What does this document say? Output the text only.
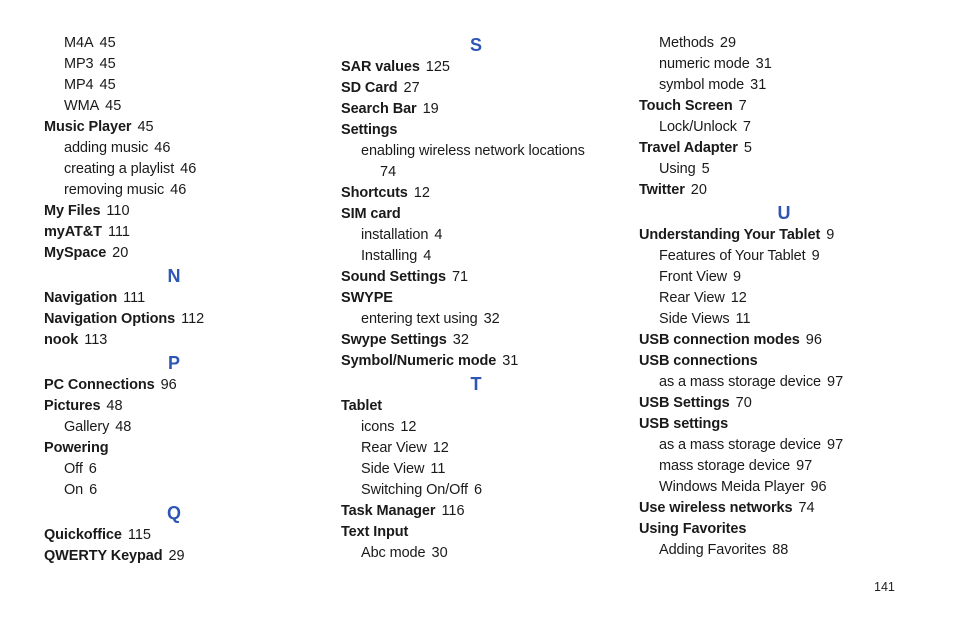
M4A 45
MP3 45
MP4 45
WMA 45
Music Player 45
adding music 46
creating a playlist 46
removing music 46
My Files 110
myAT&T 111
MySpace 20
N
Navigation 111
Navigation Options 112
nook 113
P
PC Connections 96
Pictures 48
Gallery 48
Powering
Off 6
On 6
Q
Quickoffice 115
QWERTY Keypad 29
S
SAR values 125
SD Card 27
Search Bar 19
Settings
enabling wireless network locations
74
Shortcuts 12
SIM card
installation 4
Installing 4
Sound Settings 71
SWYPE
entering text using 32
Swype Settings 32
Symbol/Numeric mode 31
T
Tablet
icons 12
Rear View 12
Side View 11
Switching On/Off 6
Task Manager 116
Text Input
Abc mode 30
Methods 29
numeric mode 31
symbol mode 31
Touch Screen 7
Lock/Unlock 7
Travel Adapter 5
Using 5
Twitter 20
U
Understanding Your Tablet 9
Features of Your Tablet 9
Front View 9
Rear View 12
Side Views 11
USB connection modes 96
USB connections
as a mass storage device 97
USB Settings 70
USB settings
as a mass storage device 97
mass storage device 97
Windows Meida Player 96
Use wireless networks 74
Using Favorites
Adding Favorites 88
141
